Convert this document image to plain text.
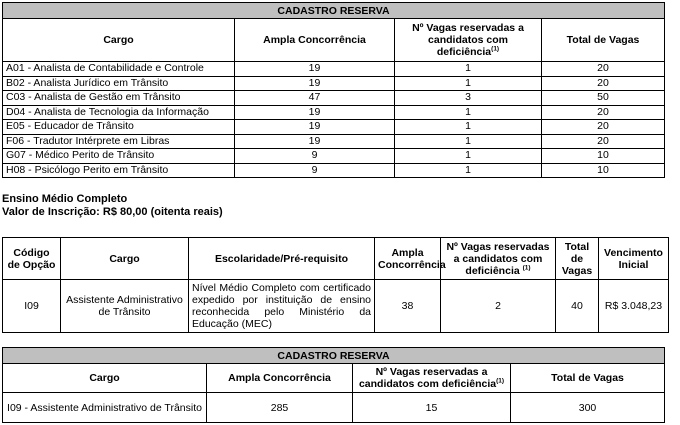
CADASTRO RESERVA			
Cargo	Ampla Concorrência	Nº Vagas reservadas a candidatos com deficiência$^{(1)}$	Total de Vagas
A01 - Analista de Contabilidade e Controle	19	1	20
B02 - Analista Jurídico em Trânsito	19	1	20
C03 - Analista de Gestão em Trânsito	47	3	50
D04 - Analista de Tecnologia da Informação	19	1	20
E05 - Educador de Trânsito	19	1	20
F06 - Tradutor Intérprete em Libras	19	1	20
G07 - Médico Perito de Trânsito	9	1	10
H08 - Psicólogo Perito em Trânsito	9	1	10
Ensino Médio Completo
Valor de Inscrição: R$ 80,00 (oitenta reais)
Código de Opção	Cargo	Escolaridade/Pré-requisito	Ampla Concorrência	Nº Vagas reservadas a candidatos com deficiência $^{(1)}$	Total de Vagas	Vencimento Inicial
I09	Assistente Administrativo de Trânsito	Nível Médio Completo com certificado expedido por instituição de ensino reconhecida pelo Ministério da Educação (MEC)	38	2	40	R$ 3.048,23
CADASTRO RESERVA			
Cargo	Ampla Concorrência	Nº Vagas reservadas a candidatos com deficiência$^{(1)}$	Total de Vagas
I09 - Assistente Administrativo de Trânsito	285	15	300
